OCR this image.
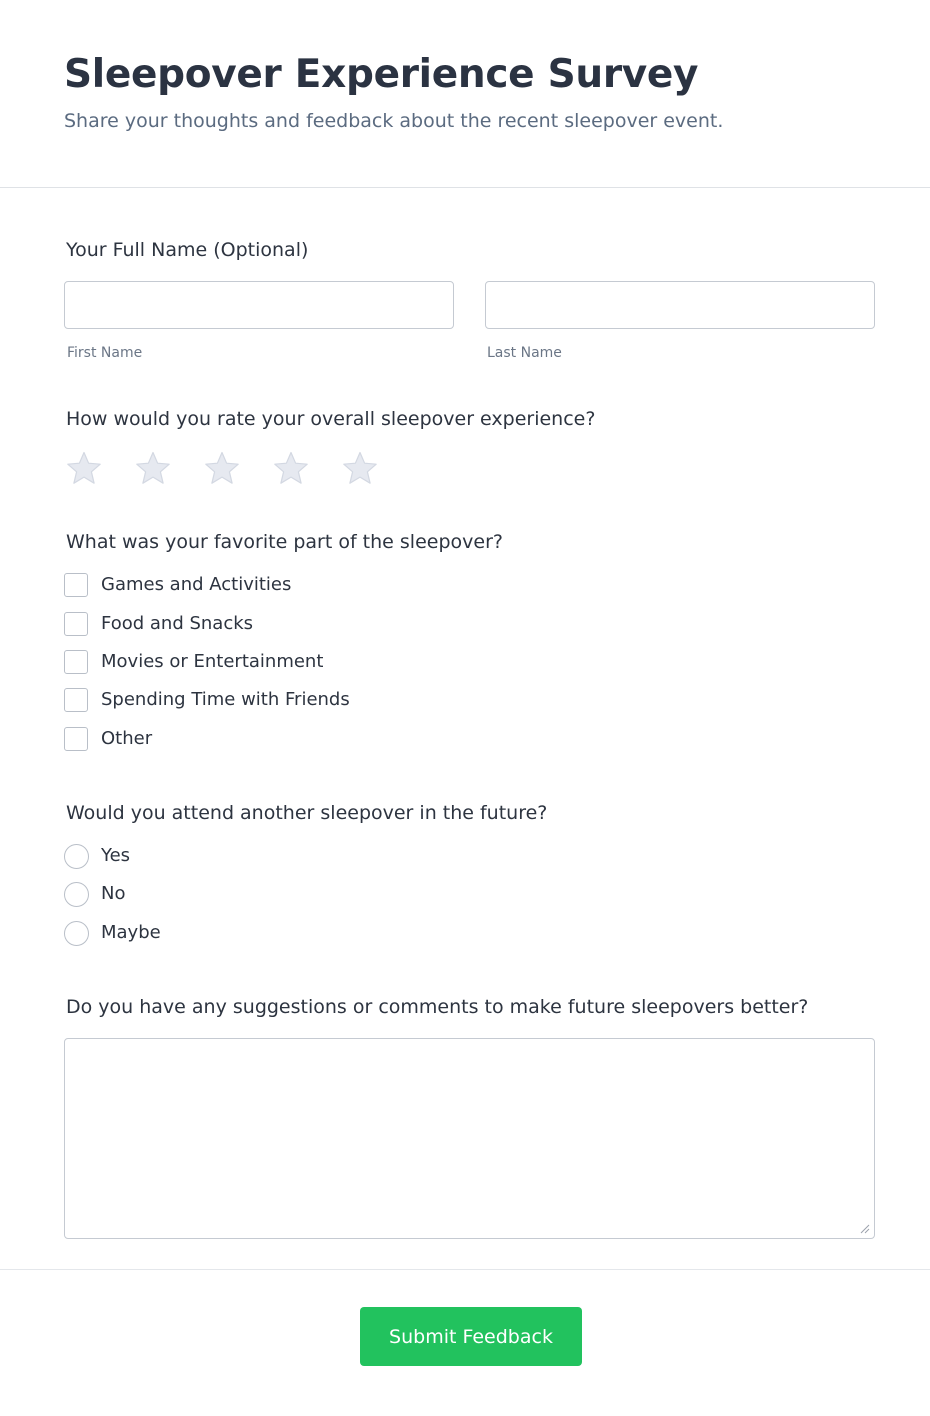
Sleepover Experience Survey

Share your thoughts and feedback about the recent sleepover event.

Your Full Name (Optional)
First Name	Last Name
How would you rate your overall sleepover experience?
What was your favorite part of the sleepover?
Games and Activities
Food and Snacks
Movies or Entertainment
Spending Time with Friends
Other
Would you attend another sleepover in the future?
Yes
No
Maybe
Do you have any suggestions or comments to make future sleepovers better?
Submit Feedback
